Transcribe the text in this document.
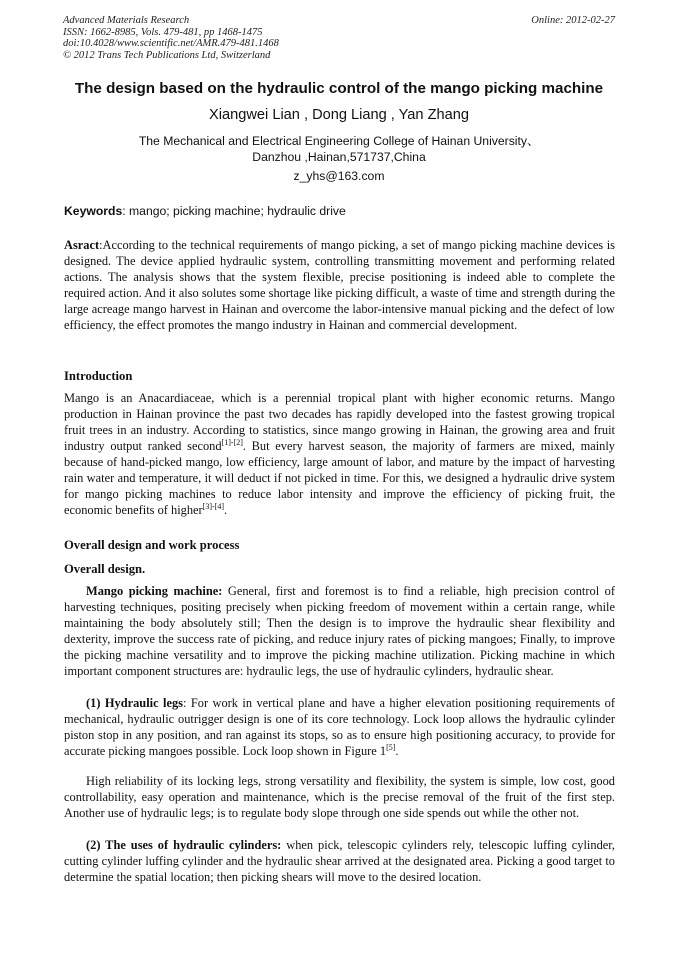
Advanced Materials Research
ISSN: 1662-8985, Vols. 479-481, pp 1468-1475
doi:10.4028/www.scientific.net/AMR.479-481.1468
© 2012 Trans Tech Publications Ltd, Switzerland
Online: 2012-02-27
The design based on the hydraulic control of the mango picking machine
Xiangwei Lian , Dong Liang , Yan Zhang
The Mechanical and Electrical Engineering College of Hainan University、
Danzhou ,Hainan,571737,China
z_yhs@163.com
Keywords: mango; picking machine; hydraulic drive
Asract:According to the technical requirements of mango picking, a set of mango picking machine devices is designed. The device applied hydraulic system, controlling transmitting movement and performing related actions. The analysis shows that the system flexible, precise positioning is indeed able to complete the required action. And it also solutes some shortage like picking difficult, a waste of time and strength during the large acreage mango harvest in Hainan and overcome the labor-intensive manual picking and the defect of low efficiency, the effect promotes the mango industry in Hainan and commercial development.
Introduction
Mango is an Anacardiaceae, which is a perennial tropical plant with higher economic returns. Mango production in Hainan province the past two decades has rapidly developed into the fastest growing tropical fruit trees in an industry. According to statistics, since mango growing in Hainan, the growing area and fruit industry output ranked second[1]-[2]. But every harvest season, the majority of farmers are mixed, mainly because of hand-picked mango, low efficiency, large amount of labor, and mature by the impact of harvesting rain water and temperature, it will deduct if not picked in time. For this, we designed a hydraulic drive system for mango picking machines to reduce labor intensity and improve the efficiency of picking fruit, the economic benefits of higher[3]-[4].
Overall design and work process
Overall design.
Mango picking machine: General, first and foremost is to find a reliable, high precision control of harvesting techniques, positing precisely when picking freedom of movement within a certain range, while maintaining the body absolutely still; Then the design is to improve the hydraulic shear flexibility and dexterity, improve the success rate of picking, and reduce injury rates of picking mangoes; Finally, to improve the picking machine versatility and to improve the picking machine utilization. Picking machine in which important component structures are: hydraulic legs, the use of hydraulic cylinders, hydraulic shear.
(1) Hydraulic legs: For work in vertical plane and have a higher elevation positioning requirements of mechanical, hydraulic outrigger design is one of its core technology. Lock loop allows the hydraulic cylinder piston stop in any position, and ran against its stops, so as to ensure high positioning accuracy, to provide for accurate picking mangoes possible. Lock loop shown in Figure 1[5].
High reliability of its locking legs, strong versatility and flexibility, the system is simple, low cost, good controllability, easy operation and maintenance, which is the precise removal of the fruit of the first step. Another use of hydraulic legs; is to regulate body slope through one side spends out while the other not.
(2) The uses of hydraulic cylinders: when pick, telescopic cylinders rely, telescopic luffing cylinder, cutting cylinder luffing cylinder and the hydraulic shear arrived at the designated area. Picking a good target to determine the spatial location; then picking shears will move to the desired location.
